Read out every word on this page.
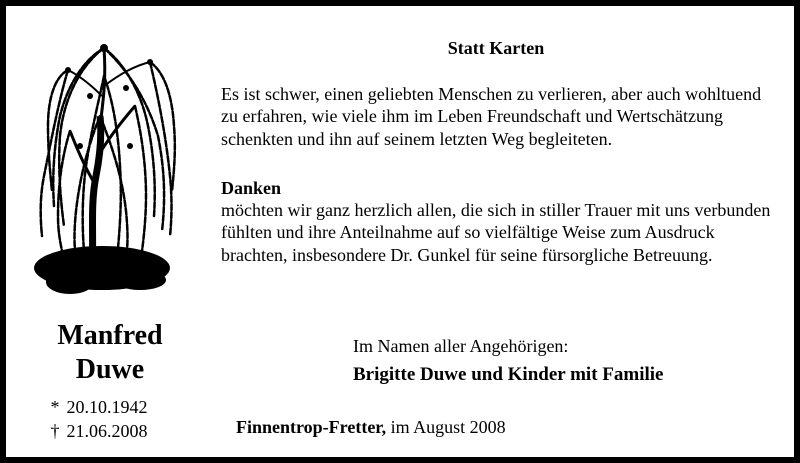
Manfred
Duwe
* 20.10.1942
† 21.06.2008
Statt Karten

Es ist schwer, einen geliebten Menschen zu verlieren, aber auch wohltuend zu erfahren, wie viele ihm im Leben Freundschaft und Wertschätzung schenkten und ihn auf seinem letzten Weg begleiteten.

Danken

möchten wir ganz herzlich allen, die sich in stiller Trauer mit uns verbunden fühlten und ihre Anteilnahme auf so vielfältige Weise zum Ausdruck brachten, insbesondere Dr. Gunkel für seine fürsorgliche Betreuung.

Im Namen aller Angehörigen:
Brigitte Duwe und Kinder mit Familie
Finnentrop-Fretter, im August 2008
